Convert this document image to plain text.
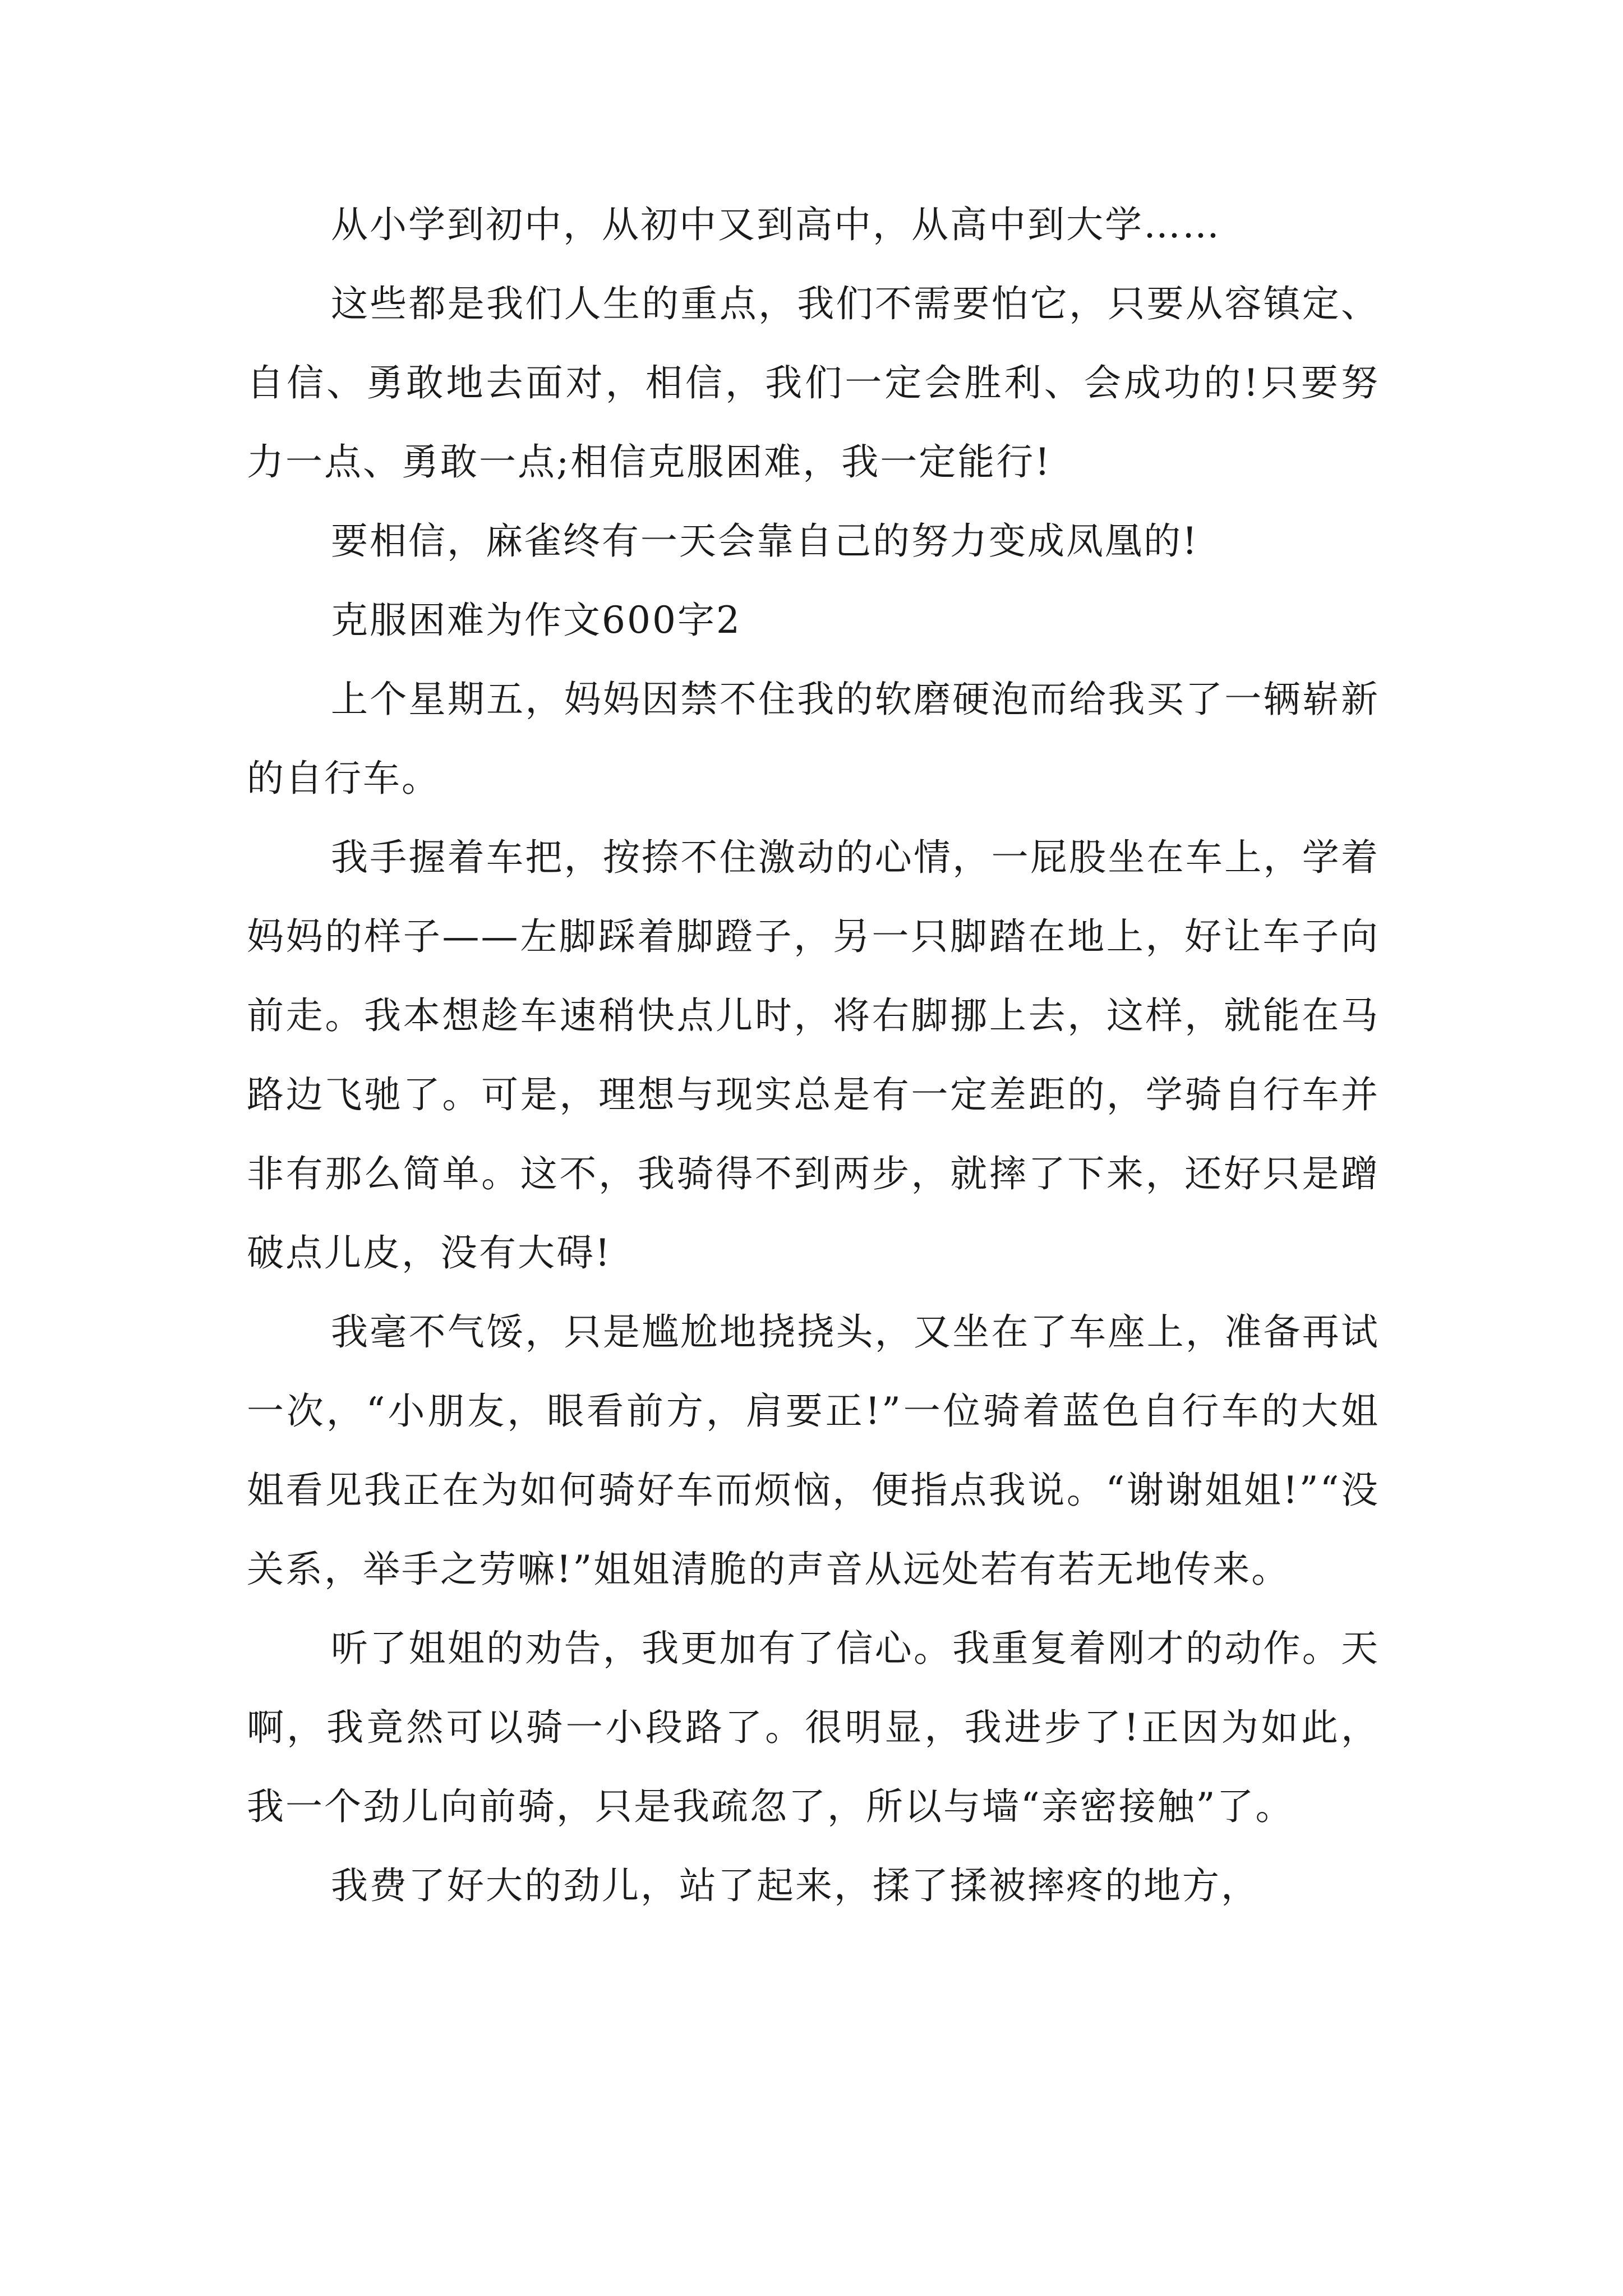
从小学到初中，从初中又到高中，从高中到大学……

这些都是我们人生的重点，我们不需要怕它，只要从容镇定、自信、勇敢地去面对，相信，我们一定会胜利、会成功的!只要努力一点、勇敢一点;相信克服困难，我一定能行!

要相信，麻雀终有一天会靠自己的努力变成凤凰的!

克服困难为作文600字2

上个星期五，妈妈因禁不住我的软磨硬泡而给我买了一辆崭新的自行车。

我手握着车把，按捺不住激动的心情，一屁股坐在车上，学着妈妈的样子——左脚踩着脚蹬子，另一只脚踏在地上，好让车子向前走。我本想趁车速稍快点儿时，将右脚挪上去，这样，就能在马路边飞驰了。可是，理想与现实总是有一定差距的，学骑自行车并非有那么简单。这不，我骑得不到两步，就摔了下来，还好只是蹭破点儿皮，没有大碍!

我毫不气馁，只是尴尬地挠挠头，又坐在了车座上，准备再试一次，“小朋友，眼看前方，肩要正!”一位骑着蓝色自行车的大姐姐看见我正在为如何骑好车而烦恼，便指点我说。“谢谢姐姐!”“没关系，举手之劳嘛!”姐姐清脆的声音从远处若有若无地传来。

听了姐姐的劝告，我更加有了信心。我重复着刚才的动作。天啊，我竟然可以骑一小段路了。很明显，我进步了!正因为如此，我一个劲儿向前骑，只是我疏忽了，所以与墙“亲密接触”了。

我费了好大的劲儿，站了起来，揉了揉被摔疼的地方，
